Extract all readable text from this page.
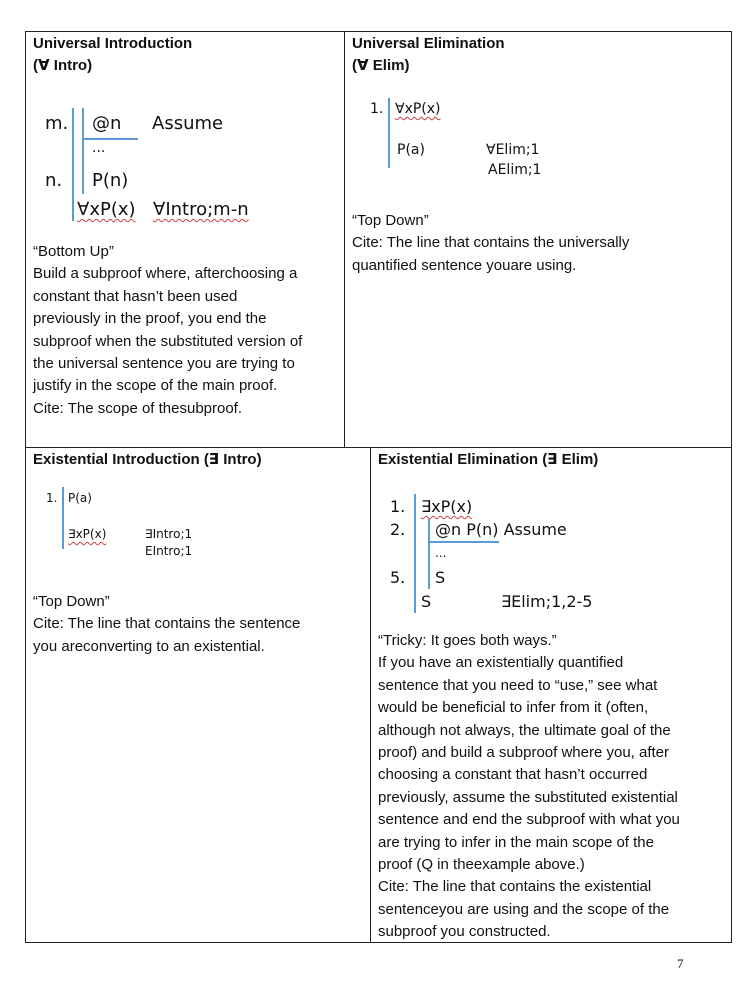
Universal Introduction
(∀ Intro)
m. @n Assume
...
n. P(n)
∀xP(x) ∀Intro;m-n
“Bottom Up”
Build a subproof where, afterchoosing a
constant that hasn’t been used
previously in the proof, you end the
subproof when the substituted version of
the universal sentence you are trying to
justify in the scope of the main proof.
Cite: The scope of thesubproof.
Universal Elimination
(∀ Elim)
1. ∀xP(x)
P(a)	∀Elim;1
AElim;1
“Top Down”
Cite: The line that contains the universally
quantified sentence youare using.
Existential Introduction (∃ Intro)
1. P(a)
∃xP(x)	∃Intro;1
EIntro;1
“Top Down”
Cite: The line that contains the sentence
you areconverting to an existential.
Existential Elimination (∃ Elim)
1. ∃xP(x)
2. @n P(n) Assume
...
5. S
S	∃Elim;1,2-5
“Tricky: It goes both ways.”
If you have an existentially quantified
sentence that you need to “use,” see what
would be beneficial to infer from it (often,
although not always, the ultimate goal of the
proof) and build a subproof where you, after
choosing a constant that hasn’t occurred
previously, assume the substituted existential
sentence and end the subproof with what you
are trying to infer in the main scope of the
proof (Q in theexample above.)
Cite: The line that contains the existential
sentenceyou are using and the scope of the
subproof you constructed.
7
